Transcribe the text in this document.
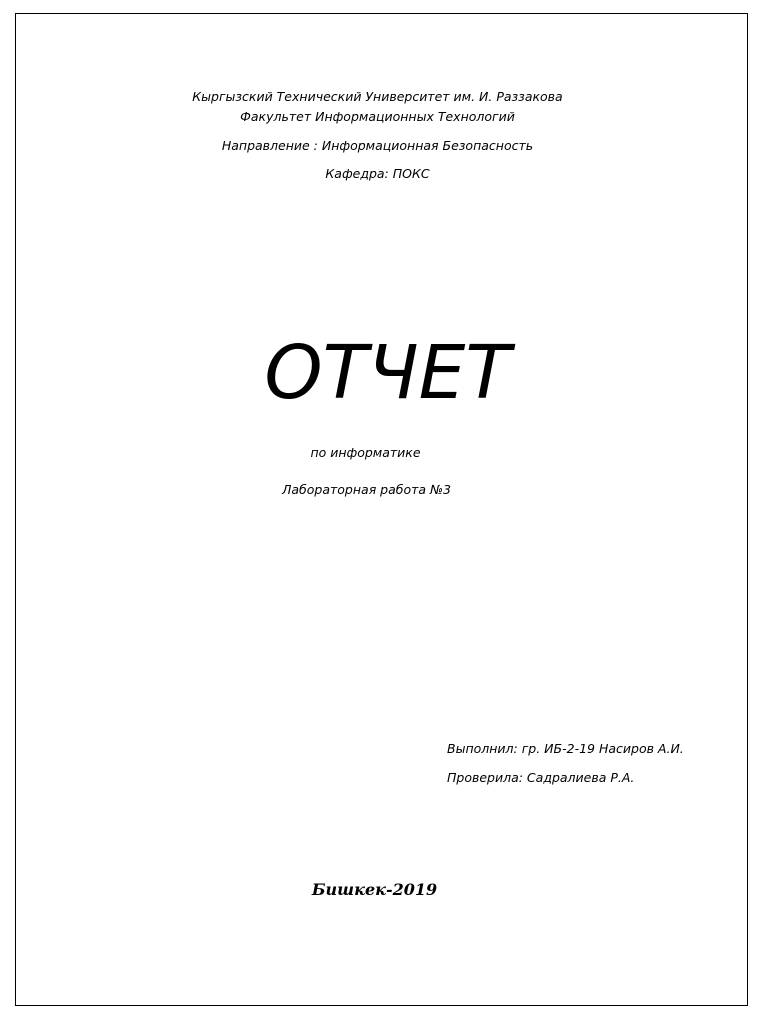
Кыргызский Технический Университет им. И. Раззакова
Факультет Информационных Технологий
Направление : Информационная Безопасность
Кафедра: ПОКС
ОТЧЕТ
по информатике
Лабораторная работа №3
Выполнил: гр. ИБ-2-19 Насиров А.И.
Проверила: Садралиева Р.А.
Бишкек-2019
